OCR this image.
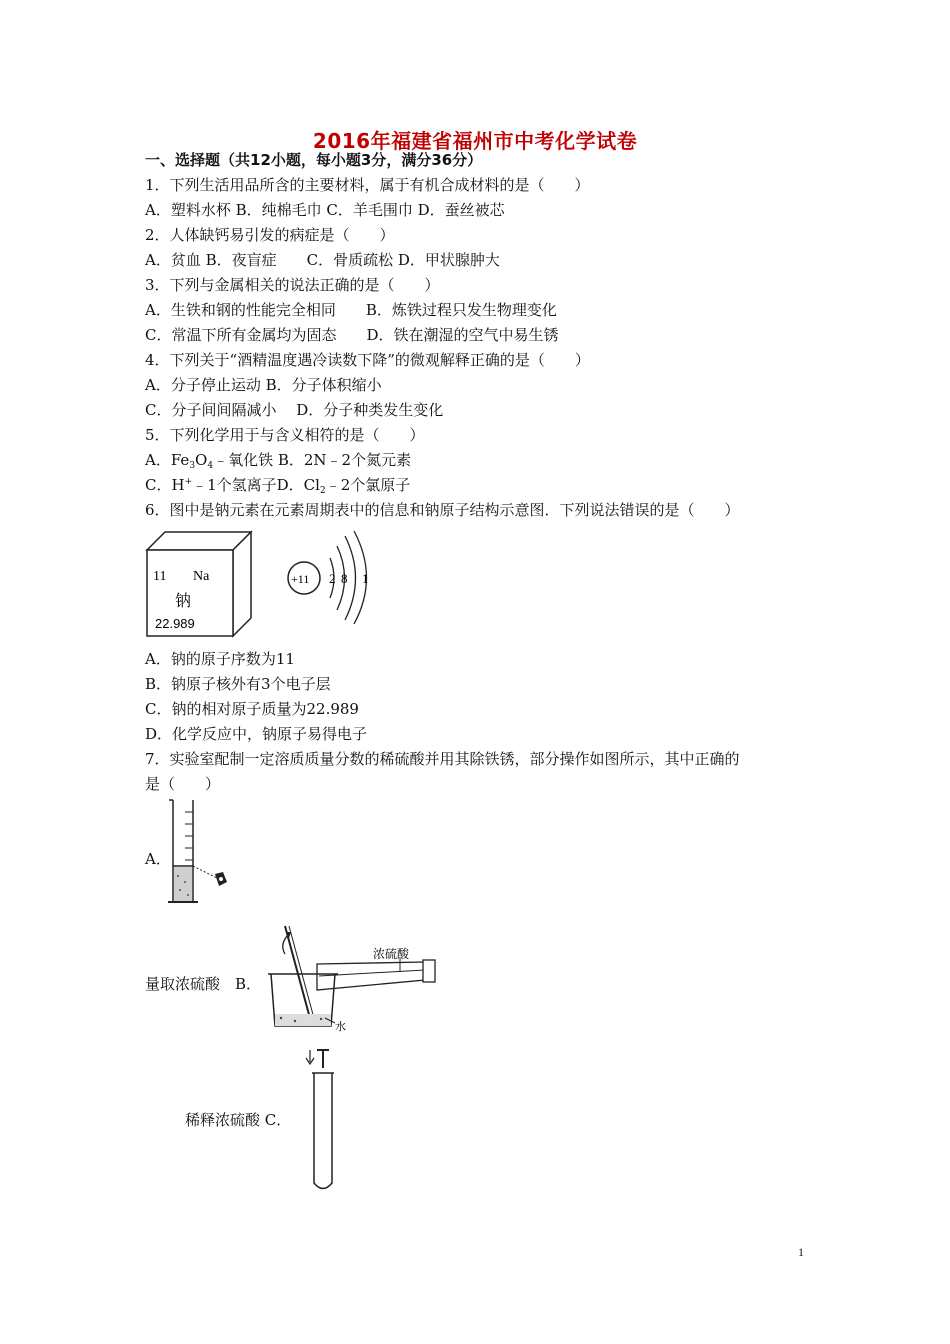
2016年福建省福州市中考化学试卷
一、选择题（共12小题，每小题3分，满分36分）
1．下列生活用品所含的主要材料，属于有机合成材料的是（　　）
A．塑料水杯 B．纯棉毛巾 C．羊毛围巾 D．蚕丝被芯
2．人体缺钙易引发的病症是（　　）
A．贫血 B．夜盲症　　C．骨质疏松 D．甲状腺肿大
3．下列与金属相关的说法正确的是（　　）
A．生铁和钢的性能完全相同　　B．炼铁过程只发生物理变化
C．常温下所有金属均为固态　　D．铁在潮湿的空气中易生锈
4．下列关于“酒精温度遇冷读数下降”的微观解释正确的是（　　）
A．分子停止运动 B．分子体积缩小
C．分子间间隔减小　 D．分子种类发生变化
5．下列化学用于与含义相符的是（　　）
A．$Fe_3O_4﹣$氧化铁 B．2N﹣2个氮元素
C．H+﹣1个氢离子D．$Cl_2﹣2$个氯原子
6．图中是钠元素在元素周期表中的信息和钠原子结构示意图．下列说法错误的是（　　）
11 Na
钠
22.989
+11 2 8 1
A．钠的原子序数为11
B．钠原子核外有3个电子层
C．钠的相对原子质量为22.989
D．化学反应中，钠原子易得电子
7．实验室配制一定溶质质量分数的稀硫酸并用其除铁锈，部分操作如图所示，其中正确的
是（　　）
A．
量取浓硫酸　B．
水
浓硫酸
稀释浓硫酸 C．
1
